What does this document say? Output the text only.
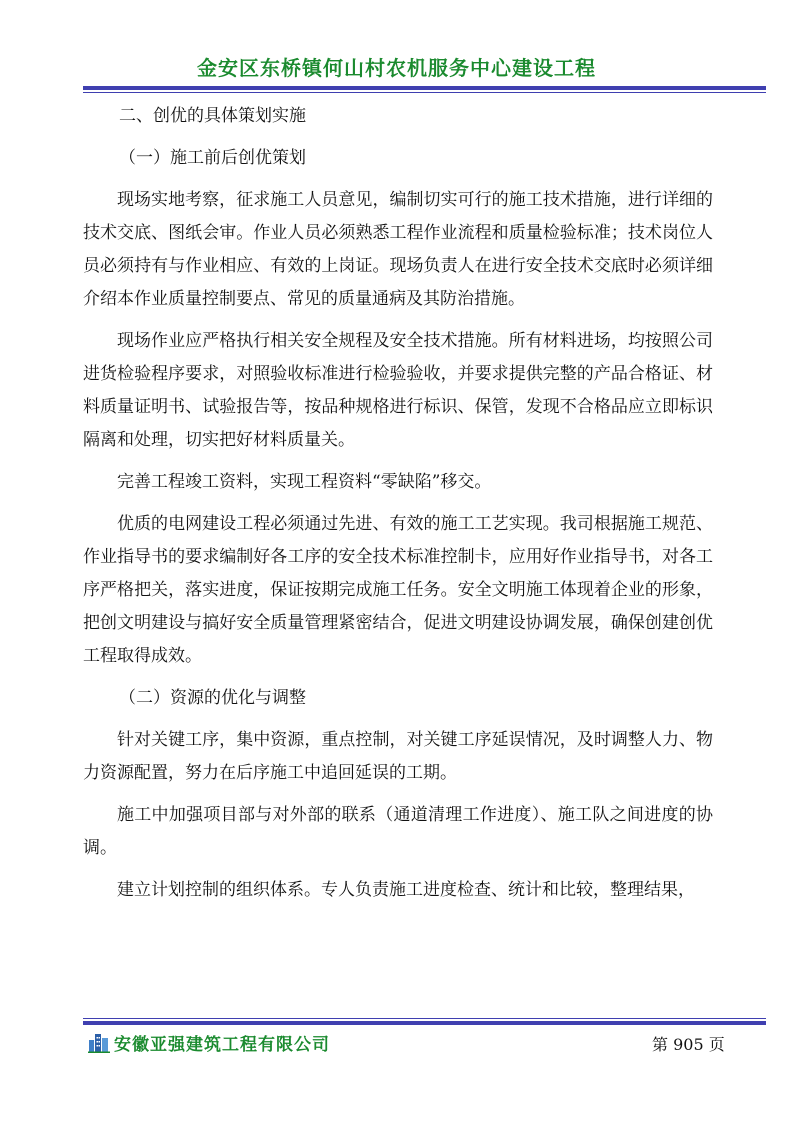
金安区东桥镇何山村农机服务中心建设工程

二、创优的具体策划实施

（一）施工前后创优策划

现场实地考察，征求施工人员意见，编制切实可行的施工技术措施，进行详细的技术交底、图纸会审。作业人员必须熟悉工程作业流程和质量检验标准；技术岗位人员必须持有与作业相应、有效的上岗证。现场负责人在进行安全技术交底时必须详细介绍本作业质量控制要点、常见的质量通病及其防治措施。

现场作业应严格执行相关安全规程及安全技术措施。所有材料进场，均按照公司进货检验程序要求，对照验收标准进行检验验收，并要求提供完整的产品合格证、材料质量证明书、试验报告等，按品种规格进行标识、保管，发现不合格品应立即标识隔离和处理，切实把好材料质量关。

完善工程竣工资料，实现工程资料“零缺陷”移交。

优质的电网建设工程必须通过先进、有效的施工工艺实现。我司根据施工规范、作业指导书的要求编制好各工序的安全技术标准控制卡，应用好作业指导书，对各工序严格把关，落实进度，保证按期完成施工任务。安全文明施工体现着企业的形象，把创文明建设与搞好安全质量管理紧密结合，促进文明建设协调发展，确保创建创优工程取得成效。

（二）资源的优化与调整

针对关键工序，集中资源，重点控制，对关键工序延误情况，及时调整人力、物力资源配置，努力在后序施工中追回延误的工期。

施工中加强项目部与对外部的联系（通道清理工作进度）、施工队之间进度的协调。

建立计划控制的组织体系。专人负责施工进度检查、统计和比较，整理结果，

安徽亚强建筑工程有限公司	第 905 页
